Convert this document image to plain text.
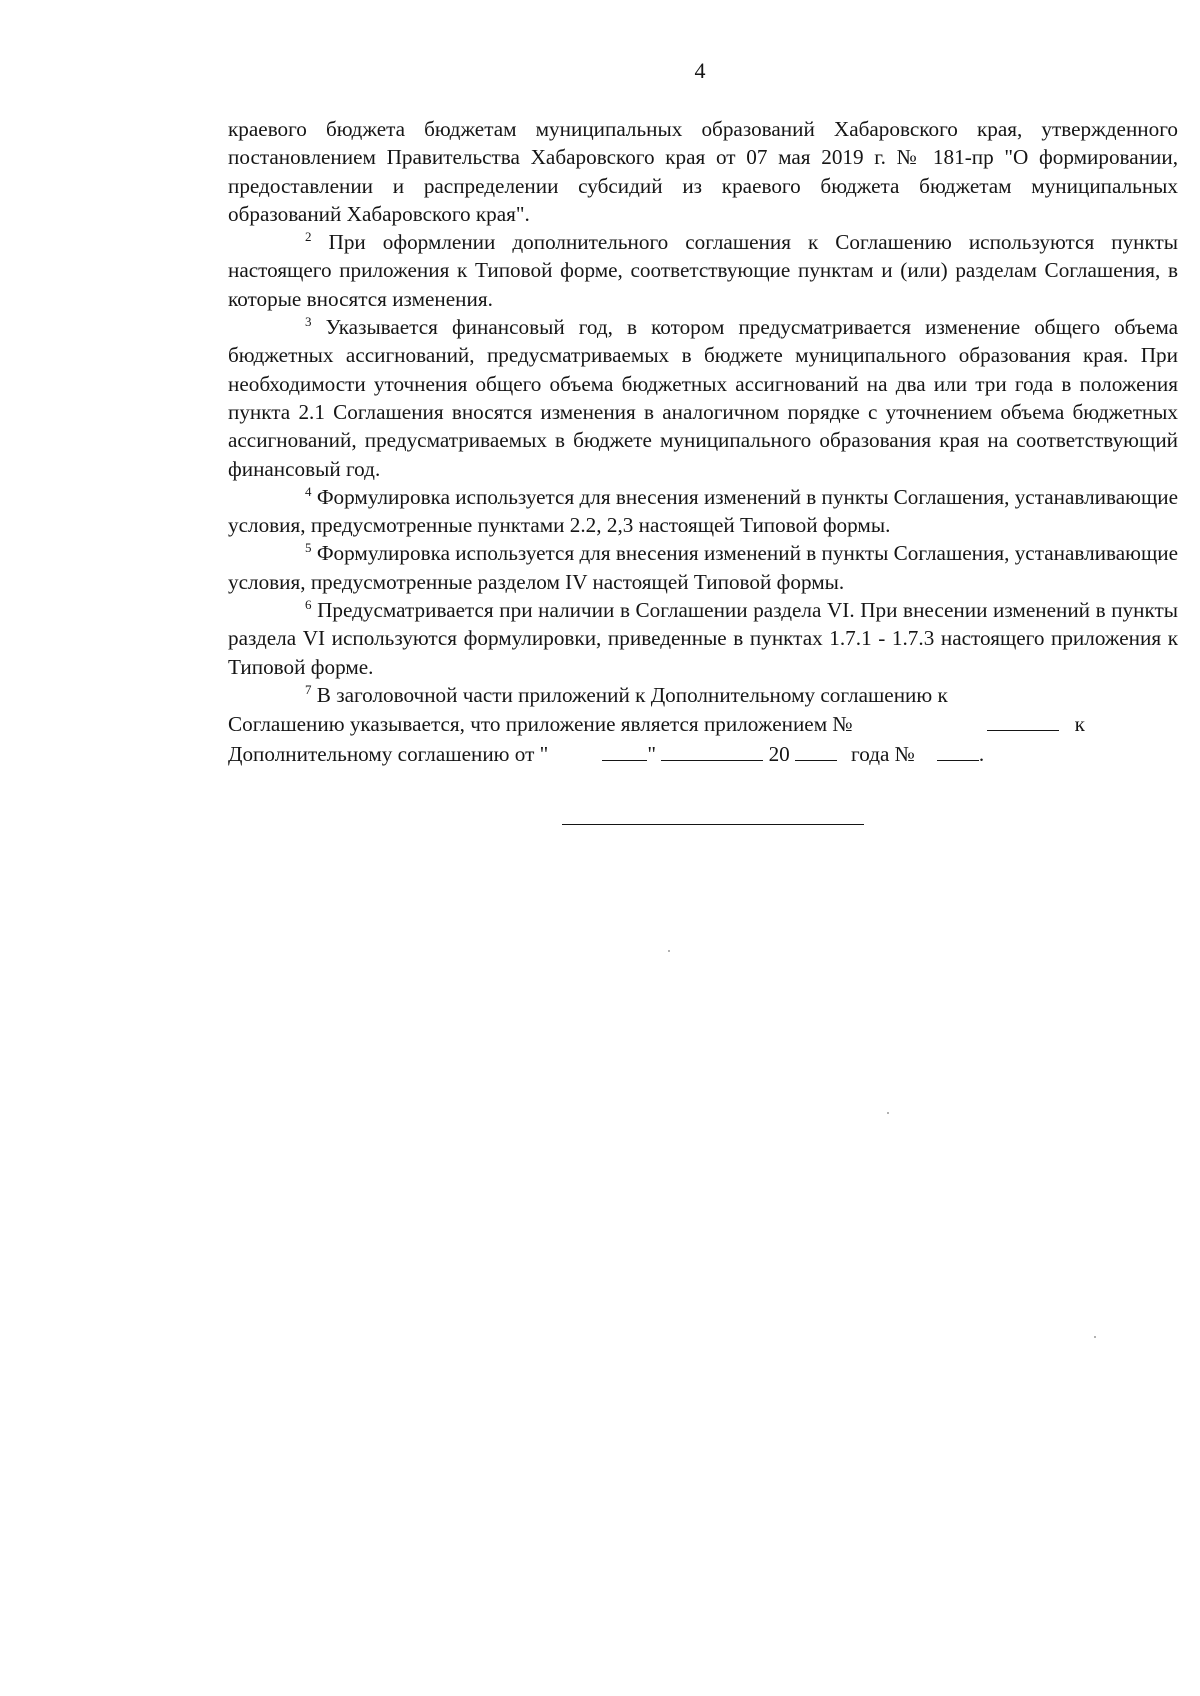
4

краевого бюджета бюджетам муниципальных образований Хабаровского края, утвержденного постановлением Правительства Хабаровского края от 07 мая 2019 г. № 181-пр "О формировании, предоставлении и распределении субсидий из краевого бюджета бюджетам муниципальных образований Хабаровского края".

$^2$ При оформлении дополнительного соглашения к Соглашению используются пункты настоящего приложения к Типовой форме, соответствующие пунктам и (или) разделам Соглашения, в которые вносятся изменения.

$^3$ Указывается финансовый год, в котором предусматривается изменение общего объема бюджетных ассигнований, предусматриваемых в бюджете муниципального образования края. При необходимости уточнения общего объема бюджетных ассигнований на два или три года в положения пункта 2.1 Соглашения вносятся изменения в аналогичном порядке с уточнением объема бюджетных ассигнований, предусматриваемых в бюджете муниципального образования края на соответствующий финансовый год.

$^4$ Формулировка используется для внесения изменений в пункты Соглашения, устанавливающие условия, предусмотренные пунктами 2.2, 2,3 настоящей Типовой формы.

$^5$ Формулировка используется для внесения изменений в пункты Соглашения, устанавливающие условия, предусмотренные разделом IV настоящей Типовой формы.

$^6$ Предусматривается при наличии в Соглашении раздела VI. При внесении изменений в пункты раздела VI используются формулировки, приведенные в пунктах 1.7.1 - 1.7.3 настоящего приложения к Типовой форме.

$^7$ В заголовочной части приложений к Дополнительному соглашению к
Соглашению указывается, что приложение является приложением №	к
Дополнительному соглашению от "	"	20	года №	.
